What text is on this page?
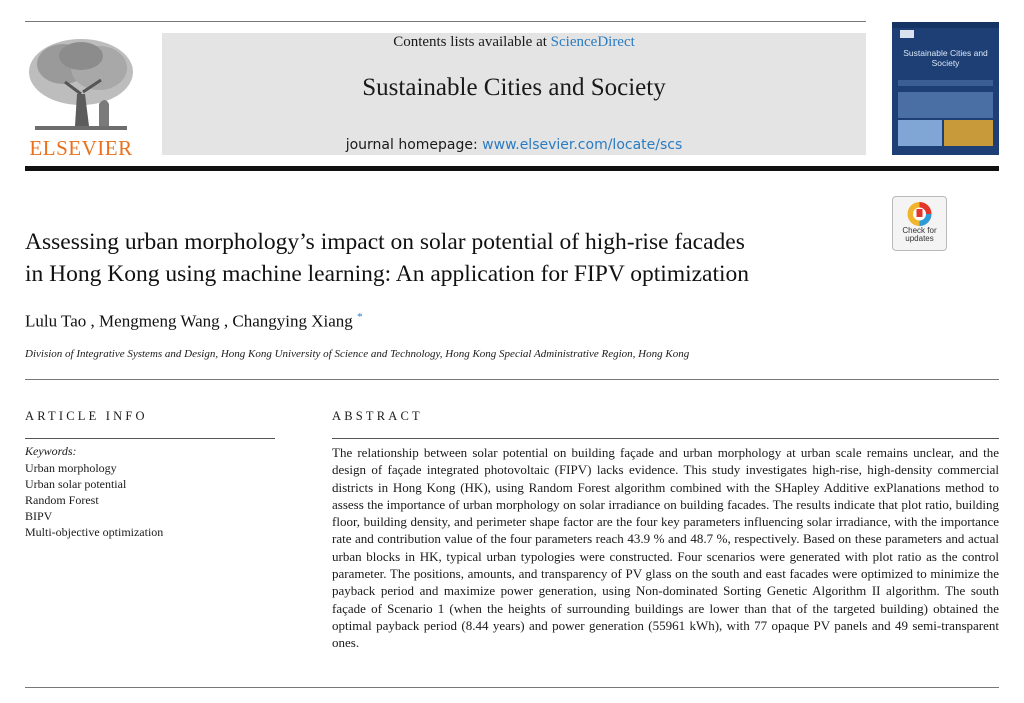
ELSEVIER
Contents lists available at ScienceDirect
Sustainable Cities and Society
journal homepage: www.elsevier.com/locate/scs
Sustainable Cities and Society
Check for
updates
Assessing urban morphology’s impact on solar potential of high-rise facades
in Hong Kong using machine learning: An application for FIPV optimization
Lulu Tao , Mengmeng Wang , Changying Xiang *
Division of Integrative Systems and Design, Hong Kong University of Science and Technology, Hong Kong Special Administrative Region, Hong Kong
ARTICLE INFO
Keywords:
Urban morphology
Urban solar potential
Random Forest
BIPV
Multi-objective optimization
ABSTRACT
The relationship between solar potential on building façade and urban morphology at urban scale remains unclear, and the design of façade integrated photovoltaic (FIPV) lacks evidence. This study investigates high-rise, high-density commercial districts in Hong Kong (HK), using Random Forest algorithm combined with the SHapley Additive exPlanations method to assess the importance of urban morphology on solar irradiance on building facades. The results indicate that plot ratio, building floor, building density, and perimeter shape factor are the four key parameters influencing solar irradiance, with the importance rate and contribution value of the four parameters reach 43.9 % and 48.7 %, respectively. Based on these parameters and actual urban blocks in HK, typical urban typologies were constructed. Four scenarios were generated with plot ratio as the control parameter. The positions, amounts, and transparency of PV glass on the south and east facades were optimized to minimize the payback period and maximize power generation, using Non-dominated Sorting Genetic Algorithm II algorithm. The south façade of Scenario 1 (when the heights of surrounding buildings are lower than that of the targeted building) obtained the optimal payback period (8.44 years) and power generation (55961 kWh), with 77 opaque PV panels and 49 semi-transparent ones.
